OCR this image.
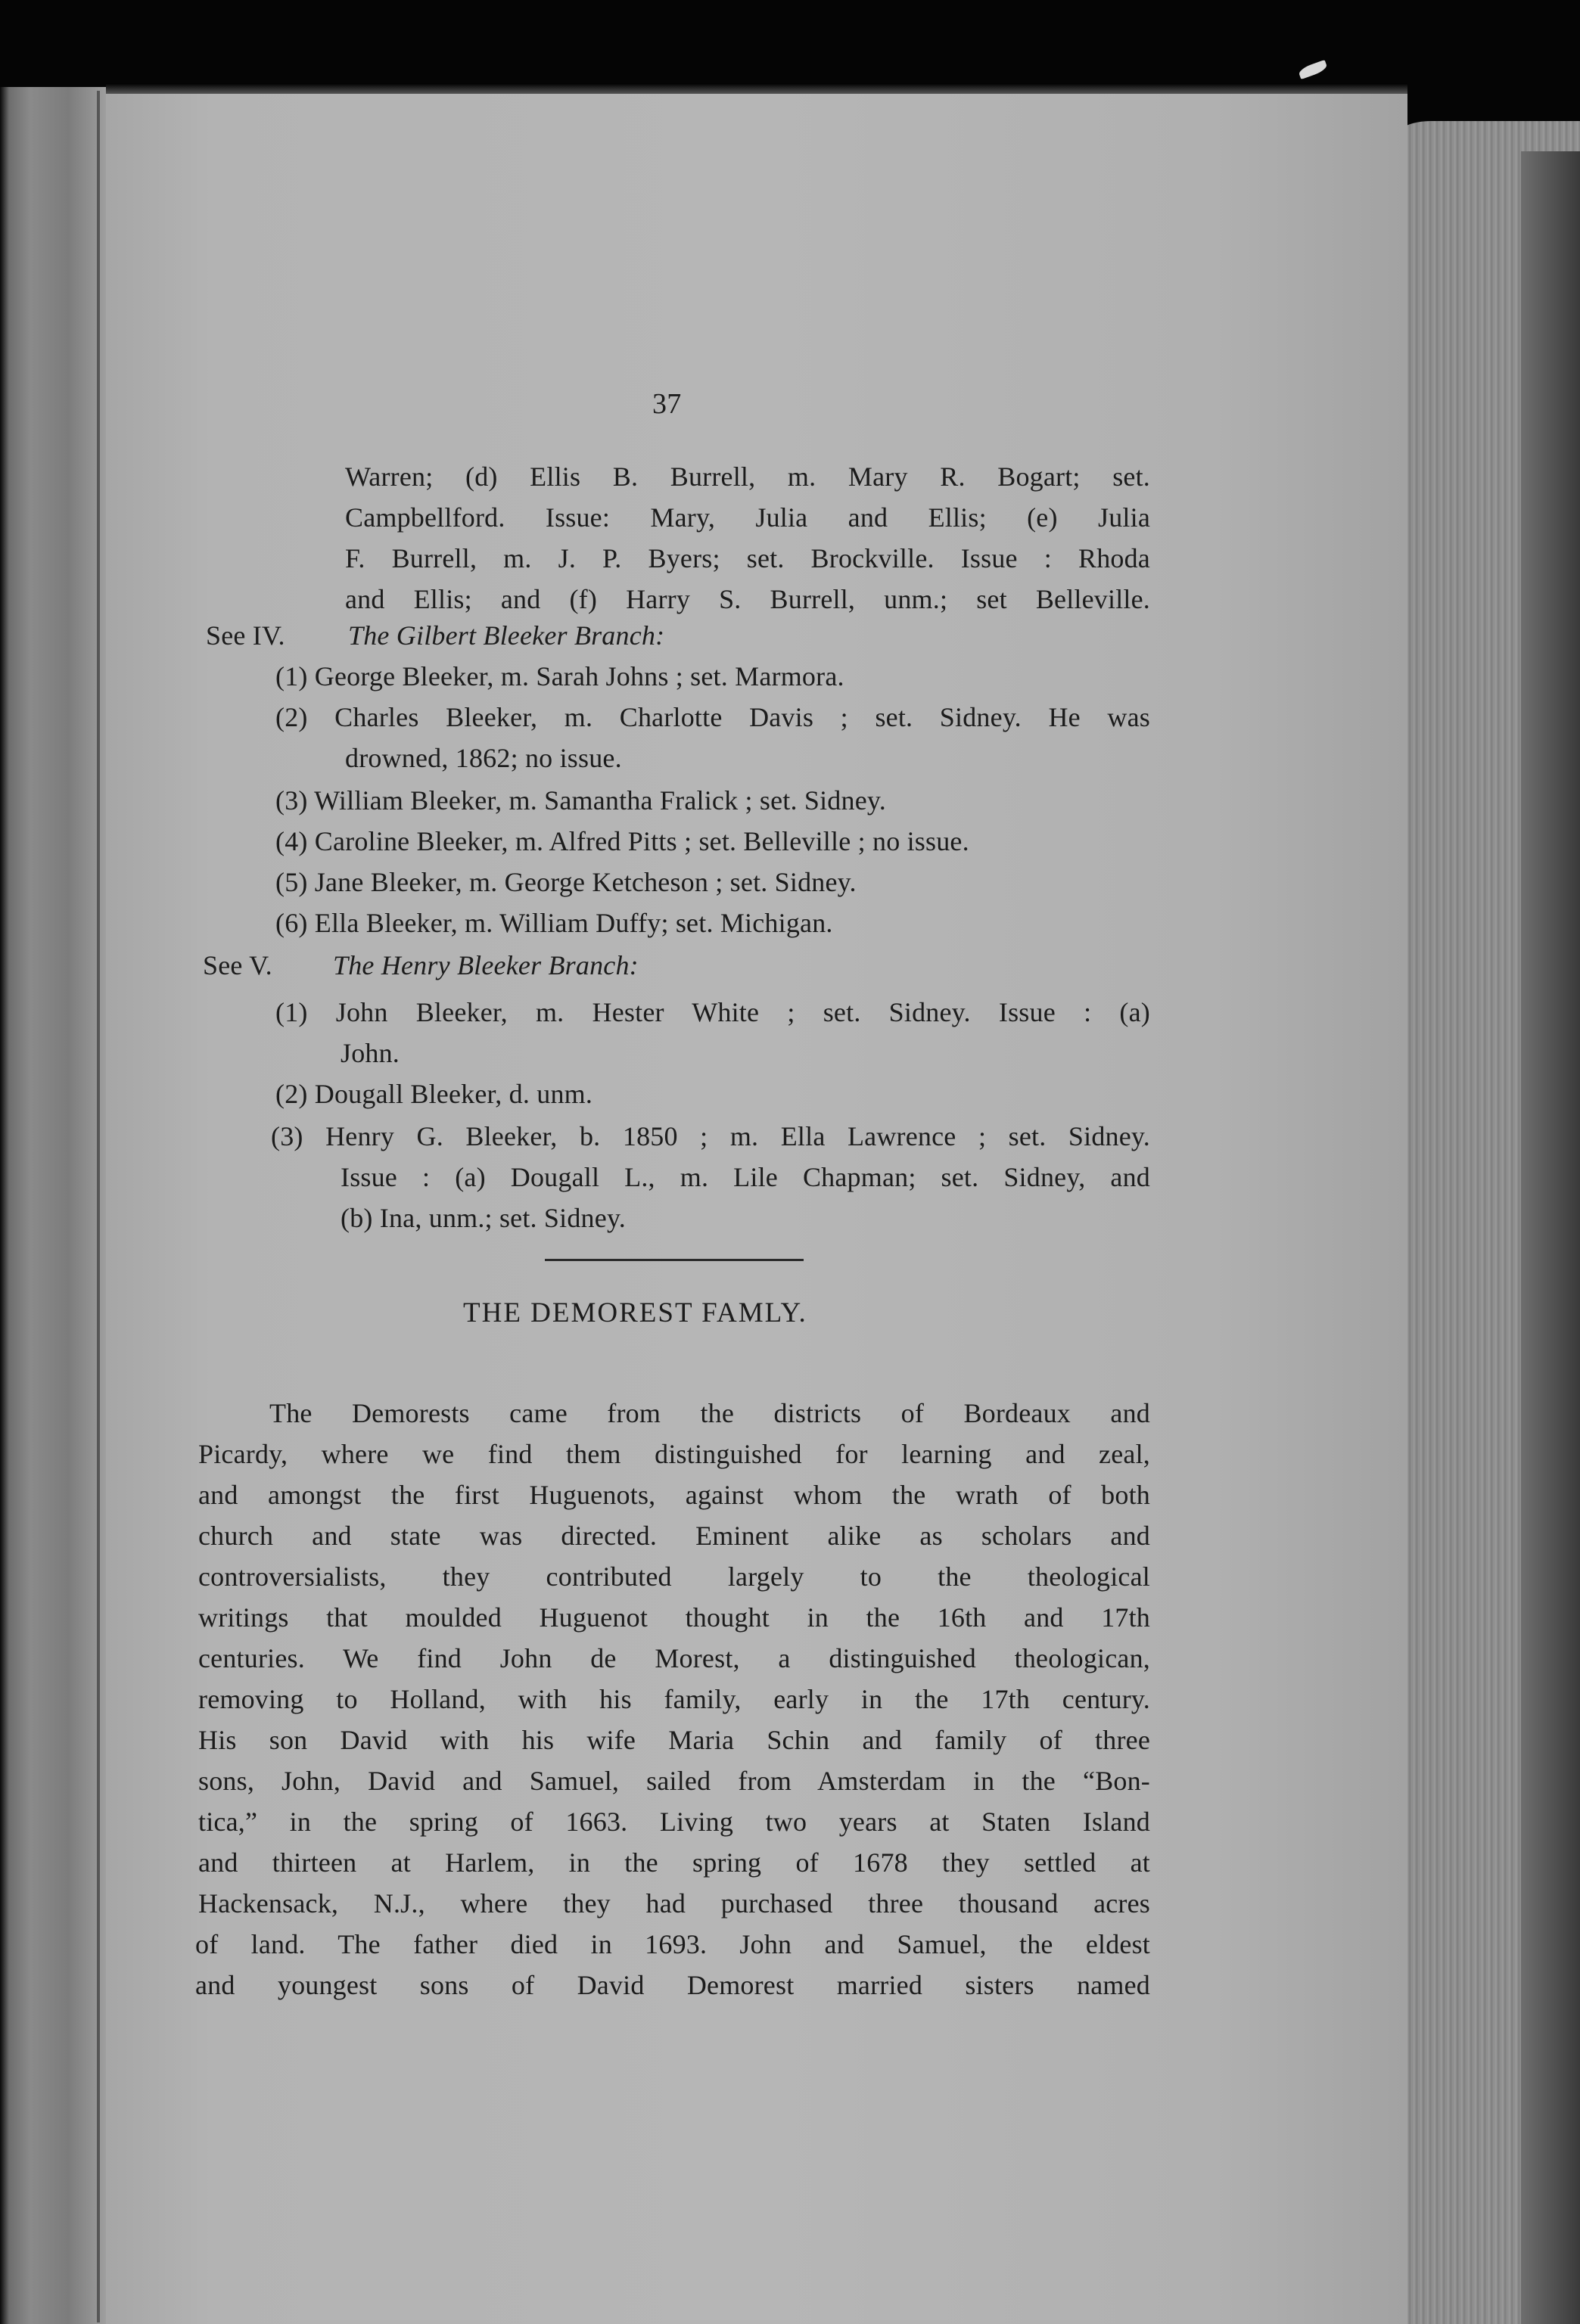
37
Warren; (d) Ellis B. Burrell, m. Mary R. Bogart; set.
Campbellford. Issue: Mary, Julia and Ellis; (e) Julia
F. Burrell, m. J. P. Byers; set. Brockville. Issue : Rhoda
and Ellis; and (f) Harry S. Burrell, unm.; set Belleville.
See IV. The Gilbert Bleeker Branch:
(1) George Bleeker, m. Sarah Johns ; set. Marmora.
(2) Charles Bleeker, m. Charlotte Davis ; set. Sidney. He was
drowned, 1862; no issue.
(3) William Bleeker, m. Samantha Fralick ; set. Sidney.
(4) Caroline Bleeker, m. Alfred Pitts ; set. Belleville ; no issue.
(5) Jane Bleeker, m. George Ketcheson ; set. Sidney.
(6) Ella Bleeker, m. William Duffy; set. Michigan.
See V. The Henry Bleeker Branch:
(1) John Bleeker, m. Hester White ; set. Sidney. Issue : (a)
John.
(2) Dougall Bleeker, d. unm.
(3) Henry G. Bleeker, b. 1850 ; m. Ella Lawrence ; set. Sidney.
Issue : (a) Dougall L., m. Lile Chapman; set. Sidney, and
(b) Ina, unm.; set. Sidney.
THE DEMOREST FAMLY.
The Demorests came from the districts of Bordeaux and
Picardy, where we find them distinguished for learning and zeal,
and amongst the first Huguenots, against whom the wrath of both
church and state was directed. Eminent alike as scholars and
controversialists, they contributed largely to the theological
writings that moulded Huguenot thought in the 16th and 17th
centuries. We find John de Morest, a distinguished theologican,
removing to Holland, with his family, early in the 17th century.
His son David with his wife Maria Schin and family of three
sons, John, David and Samuel, sailed from Amsterdam in the “Bon-
tica,” in the spring of 1663. Living two years at Staten Island
and thirteen at Harlem, in the spring of 1678 they settled at
Hackensack, N.J., where they had purchased three thousand acres
of land. The father died in 1693. John and Samuel, the eldest
and youngest sons of David Demorest married sisters named
